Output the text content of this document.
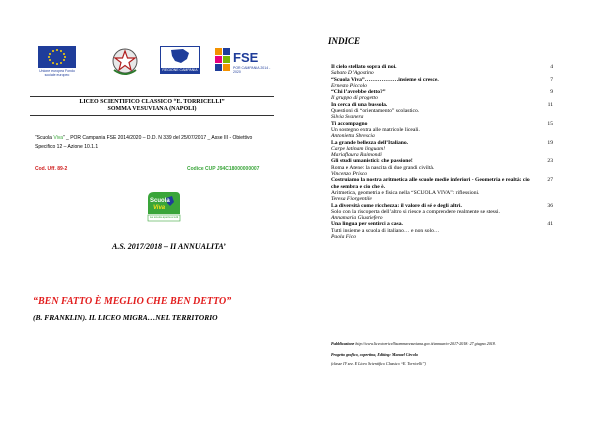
Unione europea Fondo sociale europeo
REGIONE CAMPANIA
FSE
POR CAMPANIA 2014 - 2020
LICEO SCIENTIFICO CLASSICO “E. TORRICELLI”
SOMMA VESUVIANA (NAPOLI)
“Scuola Viva” _ POR Campania FSE 2014/2020 – D.D. N 339 del 25/07/2017 _ Asse III - Obiettivo
Specifico 12 – Azione 10.1.1
Cod. Uff. 89-2	Codice CUP J94C18000000007
Scuola
Viva
La scuola aperta a tutti
A.S. 2017/2018 – II ANNUALITA’
“BEN FATTO È MEGLIO CHE BEN DETTO”
(B. FRANKLIN). IL LICEO MIGRA…NEL TERRITORIO
INDICE
Il cielo stellato sopra di noi.	4
Sabato D’Agostino
“Scuola Viva”………………insieme si cresce.	7
Ernesto Piccolo
“Chi l’avrebbe detto?”	9
Il gruppo di progetto
In cerca di una bussola.	11
Questioni di “orientamento” scolastico.
Silvia Svanera
Ti accompagno	15
Un sostegno extra alle matricole liceali.
Antonietta Sbrescia
La grande bellezza dell’Italiano.	19
Carpe latinam linguam!
Mariaflaura Raimondi
Gli studi umanistici: che passione!	23
Roma e Atene: la nascita di due grandi civiltà.
Vincenzo Prisco
Costruiamo la nostra aritmetica alle scuole medie inferiori - Geometria e realtà: cio che sembra e cio che è.
27
Aritmetica, geometria e fisica nella “SCUOLA VIVA”: riflessioni.
Teresa Fiorgentile
La diversità come ricchezza: il valore di sé e degli altri.	36
Solo con la riscoperta dell’altro si riesce a comprendere realmente se stessi.
Annamaria Giustiefero
Una lingua per sentirci a casa.	41
Tutti insieme a scuola di italiano… e non solo…
Paola Fico
Pubblicazione http://www.liceotorricellisommavesuviana.gov.it/annuario-2017-2018: 27 giugno 2018.
Progetto grafico, copertina, Editing: Manuel Circolo
(classe IV sez. E Liceo Scientifico Classico “E. Torricelli”)
